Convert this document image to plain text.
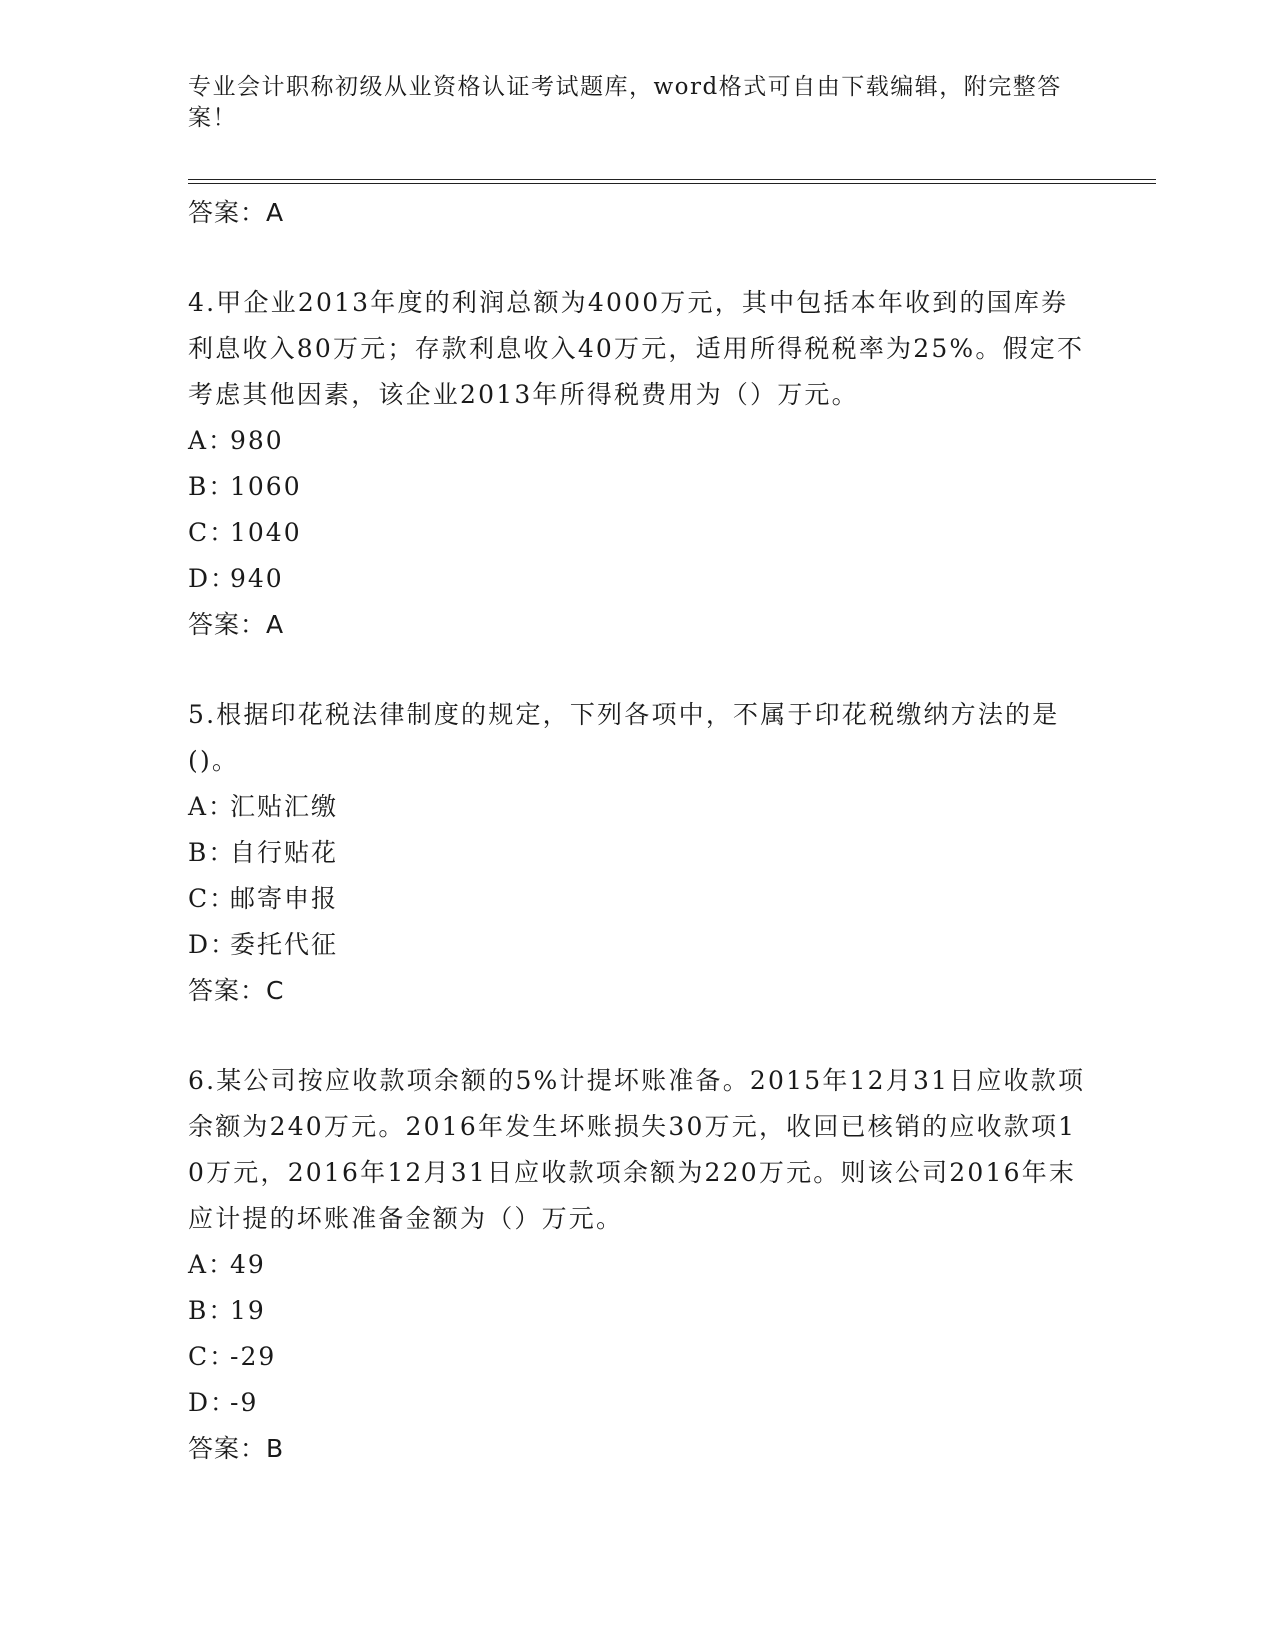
专业会计职称初级从业资格认证考试题库，word格式可自由下载编辑，附完整答案！
答案：A
4.甲企业2013年度的利润总额为4000万元，其中包括本年收到的国库券利息收入80万元；存款利息收入40万元，适用所得税税率为25%。假定不考虑其他因素，该企业2013年所得税费用为（）万元。
A：980
B：1060
C：1040
D：940
答案：A
5.根据印花税法律制度的规定，下列各项中，不属于印花税缴纳方法的是()。
A：汇贴汇缴
B：自行贴花
C：邮寄申报
D：委托代征
答案：C
6.某公司按应收款项余额的5%计提坏账准备。2015年12月31日应收款项余额为240万元。2016年发生坏账损失30万元，收回已核销的应收款项10万元，2016年12月31日应收款项余额为220万元。则该公司2016年末应计提的坏账准备金额为（）万元。
A：49
B：19
C：-29
D：-9
答案：B
